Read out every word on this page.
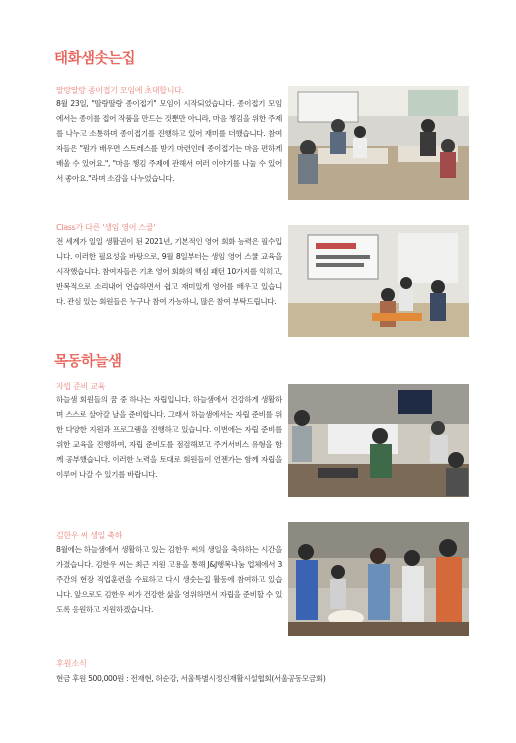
태화샘솟는집
딸랑딸랑 종이접기 모임에 초대합니다.

8월 23일, "딸랑딸랑 종이접기" 모임이 시작되었습니다. 종이접기 모임에서는 종이를 접어 작품을 만드는 것뿐만 아니라, 마음 챙김을 위한 주제를 나누고 소통하며 종이접기를 진행하고 있어 재미를 더했습니다. 참여자들은 "뭔가 배우면 스트레스를 받기 마련인데 종이접기는 마음 편하게 배울 수 있어요.", "마음 챙김 주제에 관해서 여러 이야기를 나눌 수 있어서 좋아요."라며 소감을 나누었습니다.

Class가 다른 '생임 영어 스쿨'

전 세계가 일일 생활권이 된 2021년, 기본적인 영어 회화 능력은 필수입니다. 이러한 필요성을 바탕으로, 9월 8일부터는 생임 영어 스쿨 교육을 시작했습니다. 참여자들은 기초 영어 회화의 핵심 패턴 10가지를 익히고, 반복적으로 소리내어 연습하면서 쉽고 재미있게 영어를 배우고 있습니다. 관심 있는 회원들은 누구나 참여 가능하니, 많은 참여 부탁드립니다.

목동하늘샘
자립 준비 교육

하늘샘 회원들의 꿈 중 하나는 자립입니다. 하늘샘에서 건강하게 생활하며 스스로 살아갈 날을 준비합니다. 그래서 하늘샘에서는 자립 준비를 위한 다양한 지원과 프로그램을 진행하고 있습니다. 이번에는 자립 준비를 위한 교육을 진행하여, 자립 준비도를 점검해보고 주거서비스 유형을 함께 공부했습니다. 이러한 노력을 토대로 회원들이 언젠가는 함께 자립을 이루어 나갈 수 있기를 바랍니다.

김한우 씨 생일 축하

8월에는 하늘샘에서 생활하고 있는 김한우 씨의 생일을 축하하는 시간을 가졌습니다. 김한우 씨는 최근 지원 고용을 통해 J&J행복나눔 업체에서 3주간의 현장 직업훈련을 수료하고 다시 생숫는집 활동에 참여하고 있습니다. 앞으로도 김한우 씨가 건강한 삶을 영위하면서 자립을 준비할 수 있도록 응원하고 지원하겠습니다.

후원소식
현금 후원 500,000원 : 전재현, 허순강, 서울특별시정신재활시설협회(서울공동모금회)
